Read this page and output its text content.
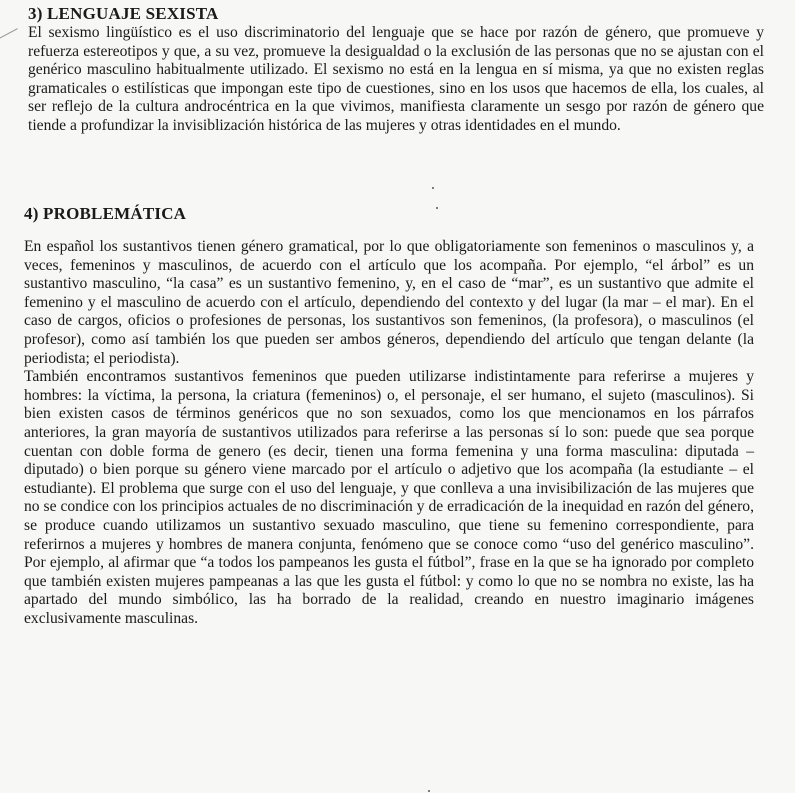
3) LENGUAJE SEXISTA

El sexismo lingüístico es el uso discriminatorio del lenguaje que se hace por razón de género, que promueve y refuerza estereotipos y que, a su vez, promueve la desigualdad o la exclusión de las personas que no se ajustan con el genérico masculino habitualmente utilizado. El sexismo no está en la lengua en sí misma, ya que no existen reglas gramaticales o estilísticas que impongan este tipo de cuestiones, sino en los usos que hacemos de ella, los cuales, al ser reflejo de la cultura androcéntrica en la que vivimos, manifiesta claramente un sesgo por razón de género que tiende a profundizar la invisiblización histórica de las mujeres y otras identidades en el mundo.

4) PROBLEMÁTICA

En español los sustantivos tienen género gramatical, por lo que obligatoriamente son femeninos o masculinos y, a veces, femeninos y masculinos, de acuerdo con el artículo que los acompaña. Por ejemplo, “el árbol” es un sustantivo masculino, “la casa” es un sustantivo femenino, y, en el caso de “mar”, es un sustantivo que admite el femenino y el masculino de acuerdo con el artículo, dependiendo del contexto y del lugar (la mar – el mar). En el caso de cargos, oficios o profesiones de personas, los sustantivos son femeninos, (la profesora), o masculinos (el profesor), como así también los que pueden ser ambos géneros, dependiendo del artículo que tengan delante (la periodista; el periodista).

También encontramos sustantivos femeninos que pueden utilizarse indistintamente para referirse a mujeres y hombres: la víctima, la persona, la criatura (femeninos) o, el personaje, el ser humano, el sujeto (masculinos). Si bien existen casos de términos genéricos que no son sexuados, como los que mencionamos en los párrafos anteriores, la gran mayoría de sustantivos utilizados para referirse a las personas sí lo son: puede que sea porque cuentan con doble forma de genero (es decir, tienen una forma femenina y una forma masculina: diputada – diputado) o bien porque su género viene marcado por el artículo o adjetivo que los acompaña (la estudiante – el estudiante). El problema que surge con el uso del lenguaje, y que conlleva a una invisibilización de las mujeres que no se condice con los principios actuales de no discriminación y de erradicación de la inequidad en razón del género, se produce cuando utilizamos un sustantivo sexuado masculino, que tiene su femenino correspondiente, para referirnos a mujeres y hombres de manera conjunta, fenómeno que se conoce como “uso del genérico masculino”. Por ejemplo, al afirmar que “a todos los pampeanos les gusta el fútbol”, frase en la que se ha ignorado por completo que también existen mujeres pampeanas a las que les gusta el fútbol: y como lo que no se nombra no existe, las ha apartado del mundo simbólico, las ha borrado de la realidad, creando en nuestro imaginario imágenes exclusivamente masculinas.
